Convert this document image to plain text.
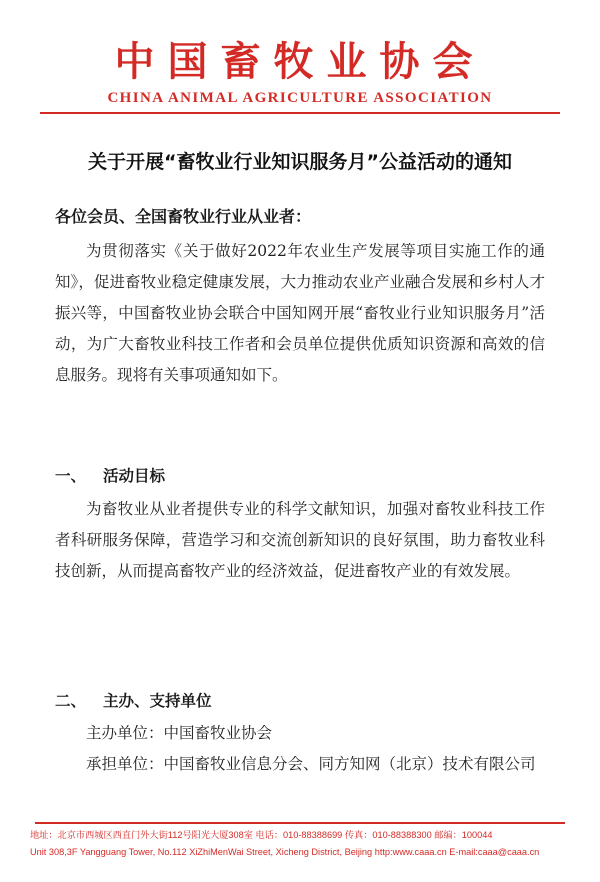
中国畜牧业协会
CHINA ANIMAL AGRICULTURE ASSOCIATION
关于开展“畜牧业行业知识服务月”公益活动的通知
各位会员、全国畜牧业行业从业者：
为贯彻落实《关于做好2022年农业生产发展等项目实施工作的通知》，促进畜牧业稳定健康发展，大力推动农业产业融合发展和乡村人才振兴等，中国畜牧业协会联合中国知网开展“畜牧业行业知识服务月”活动，为广大畜牧业科技工作者和会员单位提供优质知识资源和高效的信息服务。现将有关事项通知如下。
一、 活动目标
为畜牧业从业者提供专业的科学文献知识，加强对畜牧业科技工作者科研服务保障，营造学习和交流创新知识的良好氛围，助力畜牧业科技创新，从而提高畜牧产业的经济效益，促进畜牧产业的有效发展。
二、 主办、支持单位
主办单位：中国畜牧业协会
承担单位：中国畜牧业信息分会、同方知网（北京）技术有限公司
地址：北京市西城区西直门外大街112号阳光大厦308室 电话：010-88388699 传真：010-88388300 邮编：100044
Unit 308,3F Yangguang Tower, No.112 XiZhiMenWai Street, Xicheng District, Beijing http:www.caaa.cn E-mail:caaa@caaa.cn
